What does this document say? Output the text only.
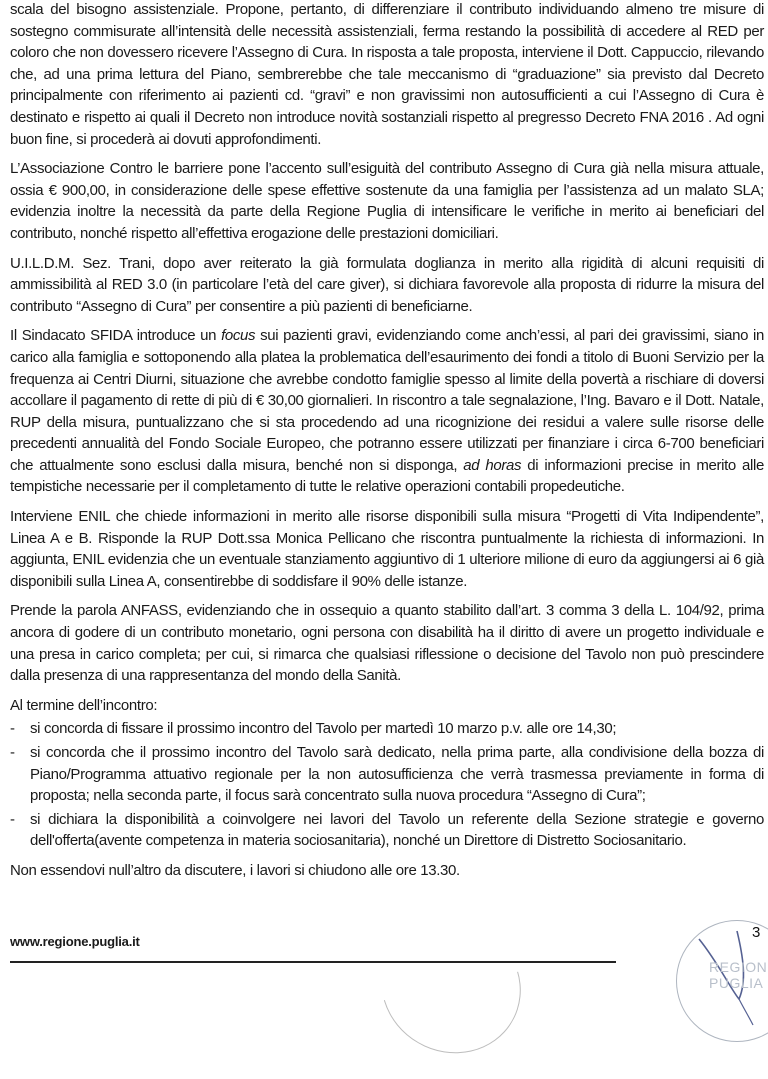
scala del bisogno assistenziale. Propone, pertanto, di differenziare il contributo individuando almeno tre misure di sostegno commisurate all’intensità delle necessità assistenziali, ferma restando la possibilità di accedere al RED per coloro che non dovessero ricevere l’Assegno di Cura. In risposta a tale proposta, interviene il Dott. Cappuccio, rilevando che, ad una prima lettura del Piano, sembrerebbe che tale meccanismo di “graduazione” sia previsto dal Decreto principalmente con riferimento ai pazienti cd. “gravi” e non gravissimi non autosufficienti a cui l’Assegno di Cura è destinato e rispetto ai quali il Decreto non introduce novità sostanziali rispetto al pregresso Decreto FNA 2016 . Ad ogni buon fine, si procederà ai dovuti approfondimenti.

L’Associazione Contro le barriere pone l’accento sull’esiguità del contributo Assegno di Cura già nella misura attuale, ossia € 900,00, in considerazione delle spese effettive sostenute da una famiglia per l’assistenza ad un malato SLA; evidenzia inoltre la necessità da parte della Regione Puglia di intensificare le verifiche in merito ai beneficiari del contributo, nonché rispetto all’effettiva erogazione delle prestazioni domiciliari.

U.I.L.D.M. Sez. Trani, dopo aver reiterato la già formulata doglianza in merito alla rigidità di alcuni requisiti di ammissibilità al RED 3.0 (in particolare l’età del care giver), si dichiara favorevole alla proposta di ridurre la misura del contributo “Assegno di Cura” per consentire a più pazienti di beneficiarne.

Il Sindacato SFIDA introduce un focus sui pazienti gravi, evidenziando come anch’essi, al pari dei gravissimi, siano in carico alla famiglia e sottoponendo alla platea la problematica dell’esaurimento dei fondi a titolo di Buoni Servizio per la frequenza ai Centri Diurni, situazione che avrebbe condotto famiglie spesso al limite della povertà a rischiare di doversi accollare il pagamento di rette di più di € 30,00 giornalieri. In riscontro a tale segnalazione, l’Ing. Bavaro e il Dott. Natale, RUP della misura, puntualizzano che si sta procedendo ad una ricognizione dei residui a valere sulle risorse delle precedenti annualità del Fondo Sociale Europeo, che potranno essere utilizzati per finanziare i circa 6-700 beneficiari che attualmente sono esclusi dalla misura, benché non si disponga, ad horas di informazioni precise in merito alle tempistiche necessarie per il completamento di tutte le relative operazioni contabili propedeutiche.

Interviene ENIL che chiede informazioni in merito alle risorse disponibili sulla misura “Progetti di Vita Indipendente”, Linea A e B. Risponde la RUP Dott.ssa Monica Pellicano che riscontra puntualmente la richiesta di informazioni. In aggiunta, ENIL evidenzia che un eventuale stanziamento aggiuntivo di 1 ulteriore milione di euro da aggiungersi ai 6 già disponibili sulla Linea A, consentirebbe di soddisfare il 90% delle istanze.

Prende la parola ANFASS, evidenziando che in ossequio a quanto stabilito dall’art. 3 comma 3 della L. 104/92, prima ancora di godere di un contributo monetario, ogni persona con disabilità ha il diritto di avere un progetto individuale e una presa in carico completa; per cui, si rimarca che qualsiasi riflessione o decisione del Tavolo non può prescindere dalla presenza di una rappresentanza del mondo della Sanità.

Al termine dell’incontro:

- si concorda di fissare il prossimo incontro del Tavolo per martedì 10 marzo p.v. alle ore 14,30;
- si concorda che il prossimo incontro del Tavolo sarà dedicato, nella prima parte, alla condivisione della bozza di Piano/Programma attuativo regionale per la non autosufficienza che verrà trasmessa previamente in forma di proposta; nella seconda parte, il focus sarà concentrato sulla nuova procedura “Assegno di Cura”;
- si dichiara la disponibilità a coinvolgere nei lavori del Tavolo un referente della Sezione strategie e governo dell'offerta(avente competenza in materia sociosanitaria), nonché un Direttore di Distretto Sociosanitario.

Non essendovi null’altro da discutere, i lavori si chiudono alle ore 13.30.

www.regione.puglia.it
REGION
PUGLIA
3
